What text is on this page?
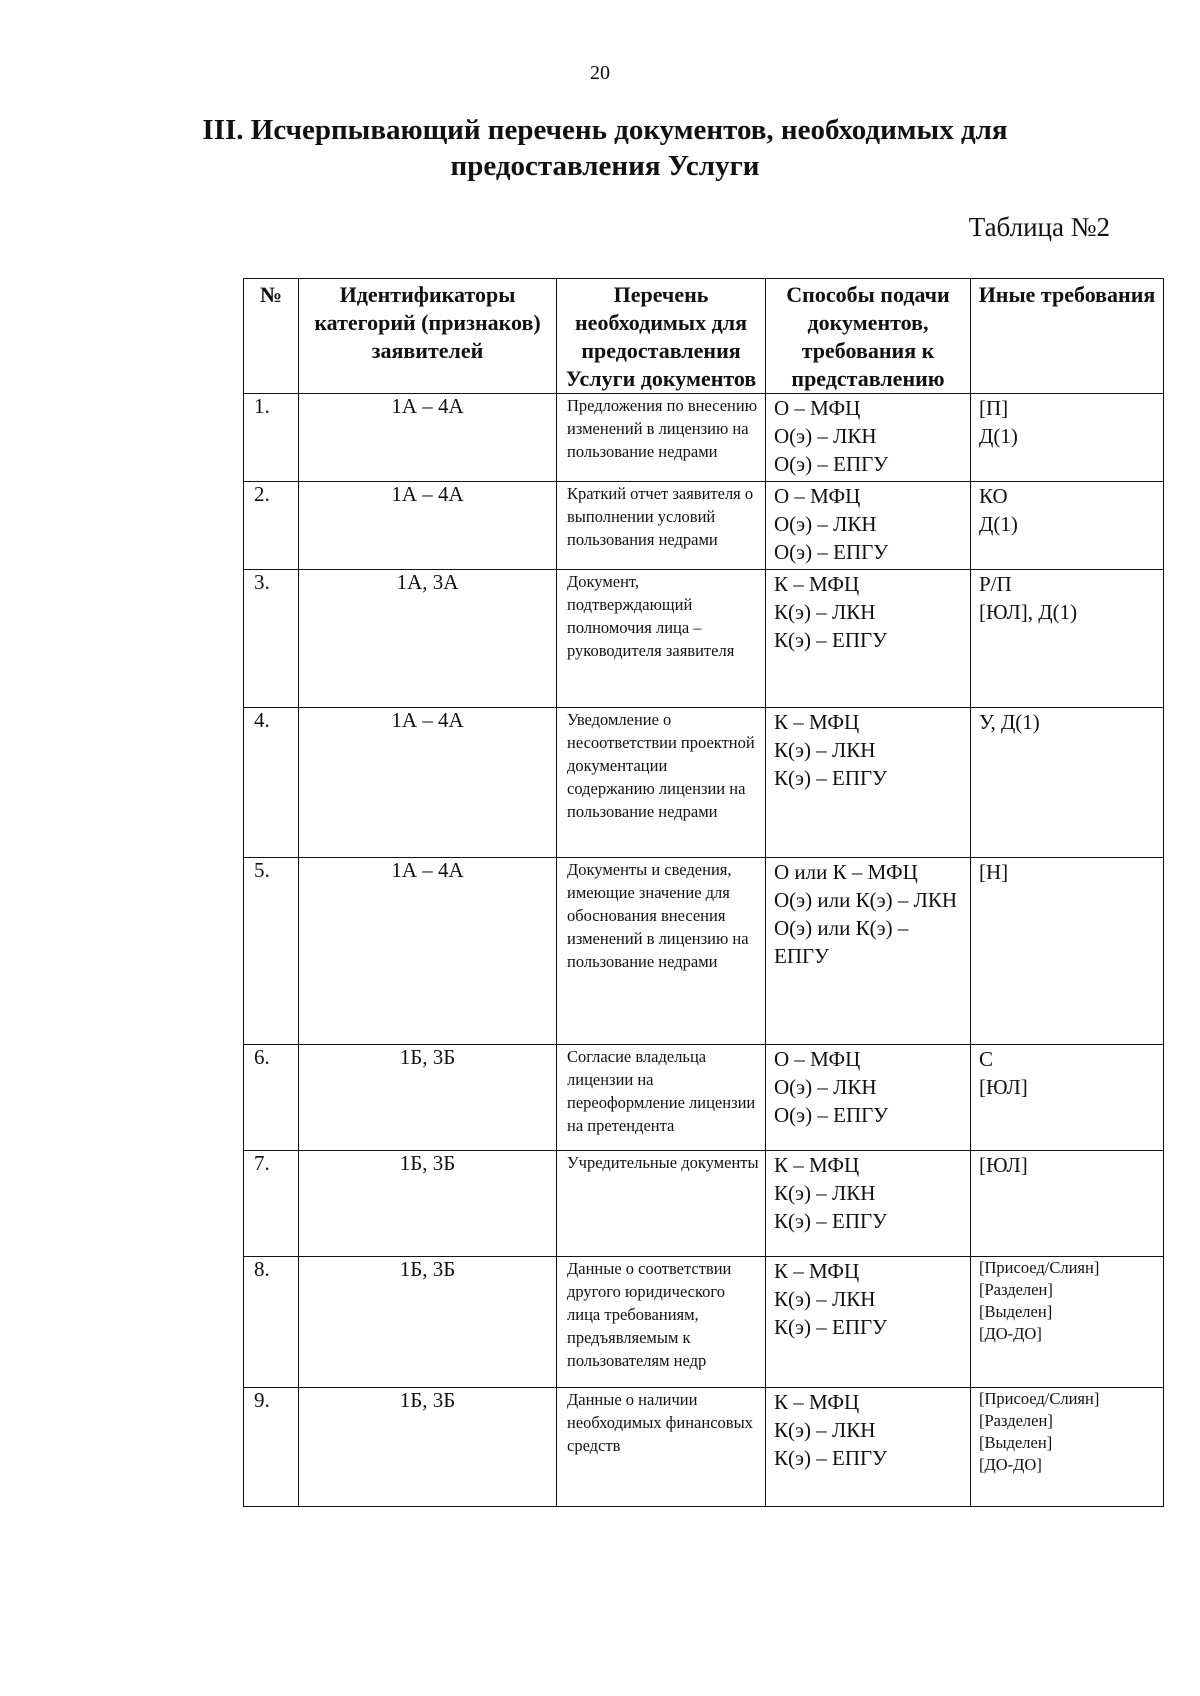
20
III. Исчерпывающий перечень документов, необходимых для
предоставления Услуги
Таблица №2
№	Идентификаторы категорий (признаков) заявителей	Перечень необходимых для предоставления Услуги документов	Способы подачи документов, требования к представлению	Иные требования
1.	1А – 4А	Предложения по внесению изменений в лицензию на пользование недрами	О – МФЦ
О(э) – ЛКН
О(э) – ЕПГУ	[П]
Д(1)

2.	1А – 4А	Краткий отчет заявителя о выполнении условий пользования недрами	О – МФЦ
О(э) – ЛКН
О(э) – ЕПГУ	КО
Д(1)

3.	1А, 3А	Документ, подтверждающий полномочия лица – руководителя заявителя	К – МФЦ
К(э) – ЛКН
К(э) – ЕПГУ	Р/П
[ЮЛ], Д(1)

4.	1А – 4А	Уведомление о несоответствии проектной документации содержанию лицензии на пользование недрами	К – МФЦ
К(э) – ЛКН
К(э) – ЕПГУ	У, Д(1)

5.	1А – 4А	Документы и сведения, имеющие значение для обоснования внесения изменений в лицензию на пользование недрами	О или К – МФЦ
О(э) или К(э) – ЛКН
О(э) или К(э) – ЕПГУ	[Н]

6.	1Б, 3Б	Согласие владельца лицензии на переоформление лицензии на претендента	О – МФЦ
О(э) – ЛКН
О(э) – ЕПГУ	С
[ЮЛ]

7.	1Б, 3Б	Учредительные документы	К – МФЦ
К(э) – ЛКН
К(э) – ЕПГУ	[ЮЛ]

8.	1Б, 3Б	Данные о соответствии другого юридического лица требованиям, предъявляемым к пользователям недр	К – МФЦ
К(э) – ЛКН
К(э) – ЕПГУ	[Присоед/Слиян]
[Разделен]
[Выделен]
[ДО-ДО]

9.	1Б, 3Б	Данные о наличии необходимых финансовых средств	К – МФЦ
К(э) – ЛКН
К(э) – ЕПГУ	[Присоед/Слиян]
[Разделен]
[Выделен]
[ДО-ДО]
